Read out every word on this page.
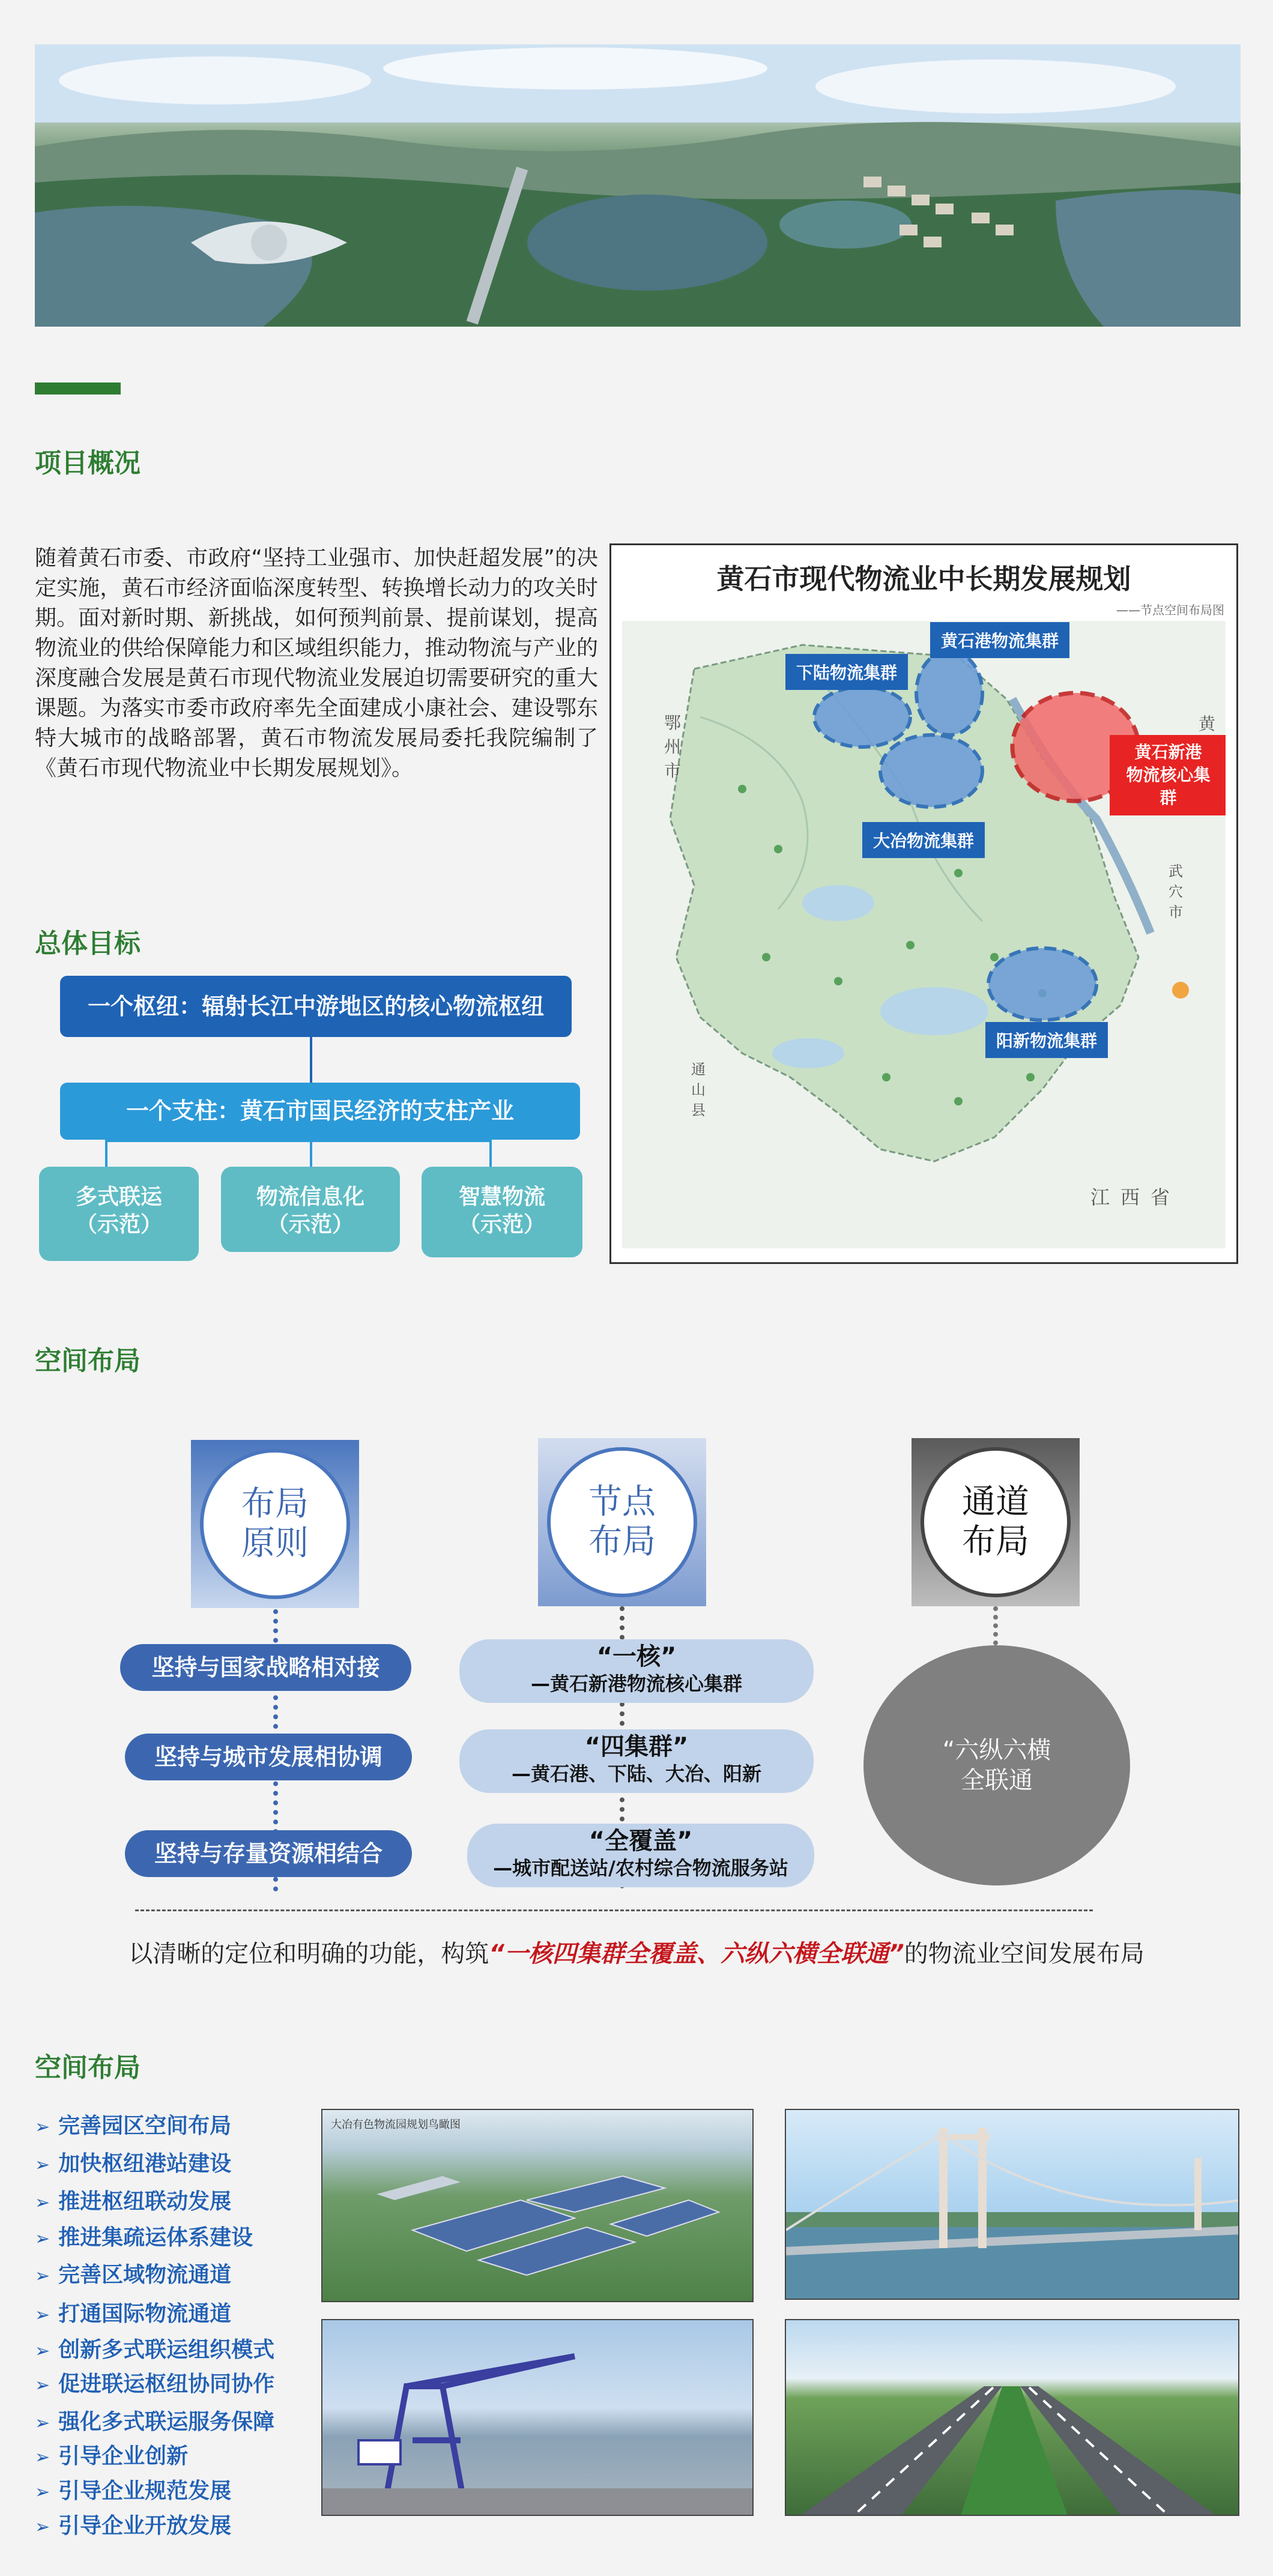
项目概况
随着黄石市委、市政府“坚持工业强市、加快赶超发展”的决定实施，黄石市经济面临深度转型、转换增长动力的攻关时期。面对新时期、新挑战，如何预判前景、提前谋划，提高物流业的供给保障能力和区域组织能力，推动物流与产业的深度融合发展是黄石市现代物流业发展迫切需要研究的重大课题。为落实市委市政府率先全面建成小康社会、建设鄂东特大城市的战略部署，黄石市物流发展局委托我院编制了《黄石市现代物流业中长期发展规划》。
黄石市现代物流业中长期发展规划
——节点空间布局图
下陆物流集群
黄石港物流集群
大冶物流集群
阳新物流集群
黄石新港
物流核心集群
鄂州市
黄
武穴市
通山县
江西省
总体目标
一个枢纽：辐射长江中游地区的核心物流枢纽
一个支柱：黄石市国民经济的支柱产业
多式联运
（示范）
物流信息化
（示范）
智慧物流
（示范）
空间布局
布局
原则
坚持与国家战略相对接
坚持与城市发展相协调
坚持与存量资源相结合
节点
布局
“一核”
—黄石新港物流核心集群
“四集群”
—黄石港、下陆、大冶、阳新
“全覆盖”
—城市配送站/农村综合物流服务站
通道
布局
“六纵六横
全联通
以清晰的定位和明确的功能，构筑“一核四集群全覆盖、六纵六横全联通”的物流业空间发展布局
空间布局
➢ 完善园区空间布局
➢ 加快枢纽港站建设
➢ 推进枢纽联动发展
➢ 推进集疏运体系建设
➢ 完善区域物流通道
➢ 打通国际物流通道
➢ 创新多式联运组织模式
➢ 促进联运枢纽协同协作
➢ 强化多式联运服务保障
➢ 引导企业创新
➢ 引导企业规范发展
➢ 引导企业开放发展
大冶有色物流园规划鸟瞰图
